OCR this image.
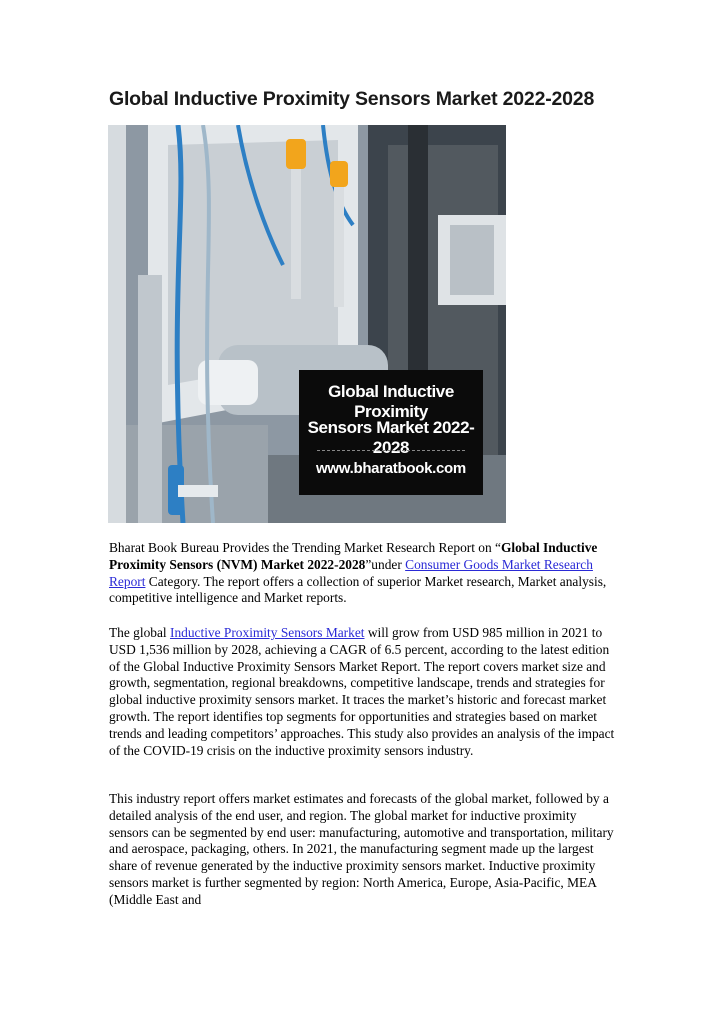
Global Inductive Proximity Sensors Market 2022-2028
Global Inductive Proximity
Sensors Market 2022-2028
www.bharatbook.com

Bharat Book Bureau Provides the Trending Market Research Report on “Global Inductive Proximity Sensors (NVM) Market 2022-2028”under Consumer Goods Market Research Report Category. The report offers a collection of superior Market research, Market analysis, competitive intelligence and Market reports.

The global Inductive Proximity Sensors Market will grow from USD 985 million in 2021 to USD 1,536 million by 2028, achieving a CAGR of 6.5 percent, according to the latest edition of the Global Inductive Proximity Sensors Market Report. The report covers market size and growth, segmentation, regional breakdowns, competitive landscape, trends and strategies for global inductive proximity sensors market. It traces the market’s historic and forecast market growth. The report identifies top segments for opportunities and strategies based on market trends and leading competitors’ approaches. This study also provides an analysis of the impact of the COVID-19 crisis on the inductive proximity sensors industry.

This industry report offers market estimates and forecasts of the global market, followed by a detailed analysis of the end user, and region. The global market for inductive proximity sensors can be segmented by end user: manufacturing, automotive and transportation, military and aerospace, packaging, others. In 2021, the manufacturing segment made up the largest share of revenue generated by the inductive proximity sensors market. Inductive proximity sensors market is further segmented by region: North America, Europe, Asia-Pacific, MEA (Middle East and
